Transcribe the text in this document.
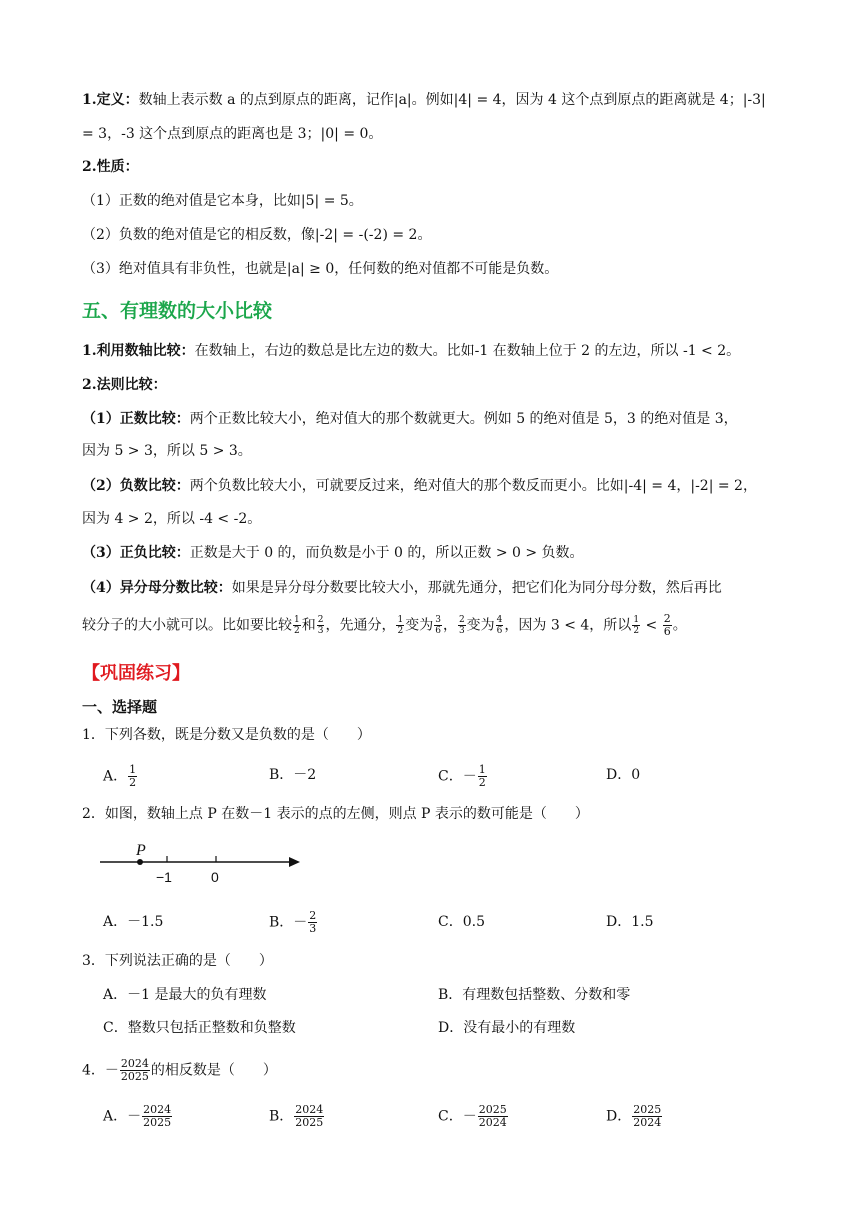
1.定义：数轴上表示数 a 的点到原点的距离，记作|a|。例如|4| = 4，因为 4 这个点到原点的距离就是 4；|-3|
= 3，-3 这个点到原点的距离也是 3；|0| = 0。
2.性质：
（1）正数的绝对值是它本身，比如|5| = 5。
（2）负数的绝对值是它的相反数，像|-2| = -(-2) = 2。
（3）绝对值具有非负性，也就是|a| ≥ 0，任何数的绝对值都不可能是负数。
五、有理数的大小比较
1.利用数轴比较：在数轴上，右边的数总是比左边的数大。比如-1 在数轴上位于 2 的左边，所以 -1 < 2。
2.法则比较：
（1）正数比较：两个正数比较大小，绝对值大的那个数就更大。例如 5 的绝对值是 5，3 的绝对值是 3，
因为 5 > 3，所以 5 > 3。
（2）负数比较：两个负数比较大小，可就要反过来，绝对值大的那个数反而更小。比如|-4| = 4，|-2| = 2，
因为 4 > 2，所以 -4 < -2。
（3）正负比较：正数是大于 0 的，而负数是小于 0 的，所以正数 > 0 > 负数。
（4）异分母分数比较：如果是异分母分数要比较大小，那就先通分，把它们化为同分母分数，然后再比
较分子的大小就可以。比如要比较 $\frac{1}{2}$ 和 $\frac{2}{3}$ ，先通分， $\frac{1}{2}$ 变为 $\frac{3}{6}$ ， $\frac{2}{3}$ 变为 $\frac{4}{6}$ ，因为 3 < 4，所以 $\frac{1}{2} < \frac{2}{6}$ 。
【巩固练习】
一、选择题
1．下列各数，既是分数又是负数的是（　　）
A． $\frac{1}{2}$	B．－2	C．－ $\frac{1}{2}$	D．0
2．如图，数轴上点 P 在数－1 表示的点的左侧，则点 P 表示的数可能是（　　）
P
−1	0
A．－1.5	B．－ $\frac{2}{3}$	C．0.5	D．1.5
3．下列说法正确的是（　　）
A．－1 是最大的负有理数	B．有理数包括整数、分数和零
C．整数只包括正整数和负整数	D．没有最小的有理数
4．－ $\frac{2024}{2025}$ 的相反数是（　　）
A．－ $\frac{2024}{2025}$	B． $\frac{2024}{2025}$	C．－ $\frac{2025}{2024}$	D． $\frac{2025}{2024}$
